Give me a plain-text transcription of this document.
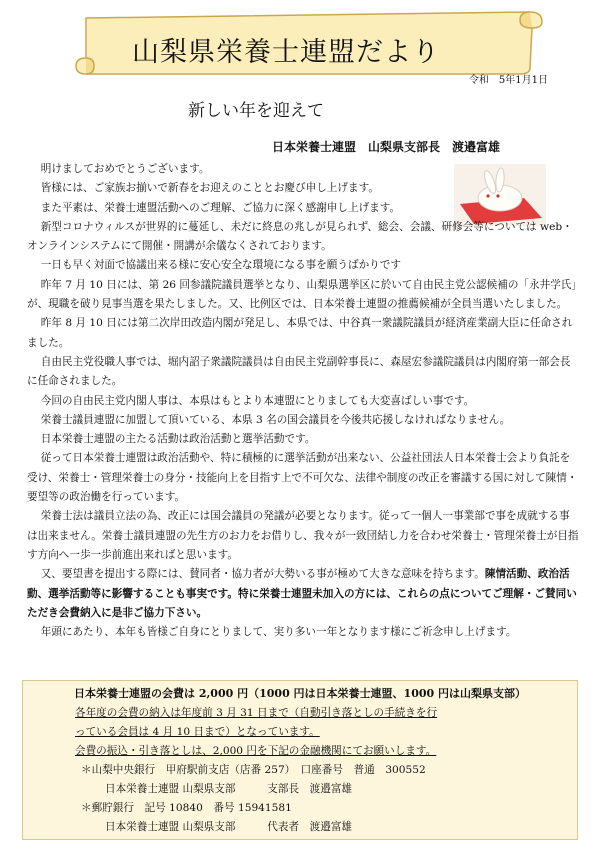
山梨県栄養士連盟だより
令和　5年1月1日
新しい年を迎えて
日本栄養士連盟　山梨県支部長　渡邉富雄

明けましておめでとうございます。

皆様には、ご家族お揃いで新春をお迎えのこととお慶び申し上げます。

また平素は、栄養士連盟活動へのご理解、ご協力に深く感謝申し上げます。

新型コロナウィルスが世界的に蔓延し、未だに終息の兆しが見られず、総会、会議、研修会等については web・オンラインシステムにて開催・開講が余儀なくされております。

一日も早く対面で協議出来る様に安心安全な環境になる事を願うばかりです

昨年 7 月 10 日には、第 26 回参議院議員選挙となり、山梨県選挙区に於いて自由民主党公認候補の「永井学氏」が、現職を破り見事当選を果たしました。又、比例区では、日本栄養士連盟の推薦候補が全員当選いたしました。

昨年 8 月 10 日には第二次岸田改造内閣が発足し、本県では、中谷真一衆議院議員が経済産業副大臣に任命されました。

自由民主党役職人事では、堀内詔子衆議院議員は自由民主党副幹事長に、森屋宏参議院議員は内閣府第一部会長に任命されました。

今回の自由民主党内閣人事は、本県はもとより本連盟にとりましても大変喜ばしい事です。

栄養士議員連盟に加盟して頂いている、本県 3 名の国会議員を今後共応援しなければなりません。

日本栄養士連盟の主たる活動は政治活動と選挙活動です。

従って日本栄養士連盟は政治活動や、特に積極的に選挙活動が出来ない、公益社団法人日本栄養士会より負託を受け、栄養士・管理栄養士の身分・技能向上を目指す上で不可欠な、法律や制度の改正を審議する国に対して陳情・要望等の政治働を行っています。

栄養士法は議員立法の為、改正には国会議員の発議が必要となります。従って一個人一事業部で事を成就する事は出来ません。栄養士議員連盟の先生方のお力をお借りし、我々が一致団結し力を合わせ栄養士・管理栄養士が目指す方向へ一歩一歩前進出来ればと思います。

又、要望書を提出する際には、賛同者・協力者が大勢いる事が極めて大きな意味を持ちます。陳情活動、政治活動、選挙活動等に影響することも事実です。特に栄養士連盟未加入の方には、これらの点についてご理解・ご賛同いただき会費納入に是非ご協力下さい。

年頭にあたり、本年も皆様ご自身にとりまして、実り多い一年となります様にご祈念申し上げます。

日本栄養士連盟の会費は 2,000 円（1000 円は日本栄養士連盟、1000 円は山梨県支部）
各年度の会費の納入は年度前 3 月 31 日まで（自動引き落としの手続きを行
っている会員は 4 月 10 日まで）となっています。
会費の振込・引き落としは、2,000 円を下記の金融機関にてお願いします。
＊山梨中央銀行　甲府駅前支店（店番 257）　口座番号　普通　300552
日本栄養士連盟 山梨県支部　　　支部長　渡邉富雄
＊郵貯銀行　記号 10840　番号 15941581
日本栄養士連盟 山梨県支部　　　代表者　渡邉富雄
